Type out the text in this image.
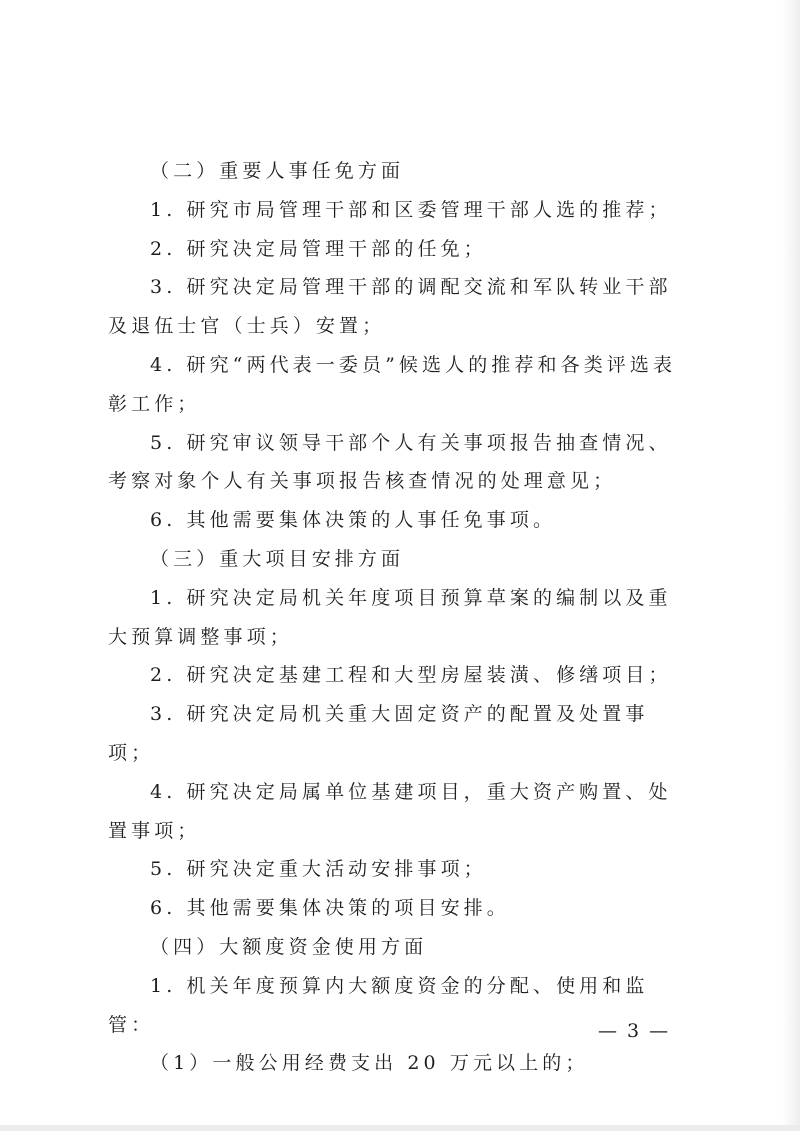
（二）重要人事任免方面

1. 研究市局管理干部和区委管理干部人选的推荐；

2. 研究决定局管理干部的任免；

3. 研究决定局管理干部的调配交流和军队转业干部及退伍士官（士兵）安置；

4. 研究“两代表一委员”候选人的推荐和各类评选表彰工作；

5. 研究审议领导干部个人有关事项报告抽查情况、考察对象个人有关事项报告核查情况的处理意见；

6. 其他需要集体决策的人事任免事项。

（三）重大项目安排方面

1. 研究决定局机关年度项目预算草案的编制以及重大预算调整事项；

2. 研究决定基建工程和大型房屋装潢、修缮项目；

3. 研究决定局机关重大固定资产的配置及处置事项；

4. 研究决定局属单位基建项目，重大资产购置、处置事项；

5. 研究决定重大活动安排事项；

6. 其他需要集体决策的项目安排。

（四）大额度资金使用方面

1. 机关年度预算内大额度资金的分配、使用和监管：

（1）一般公用经费支出 20 万元以上的；

— 3 —
